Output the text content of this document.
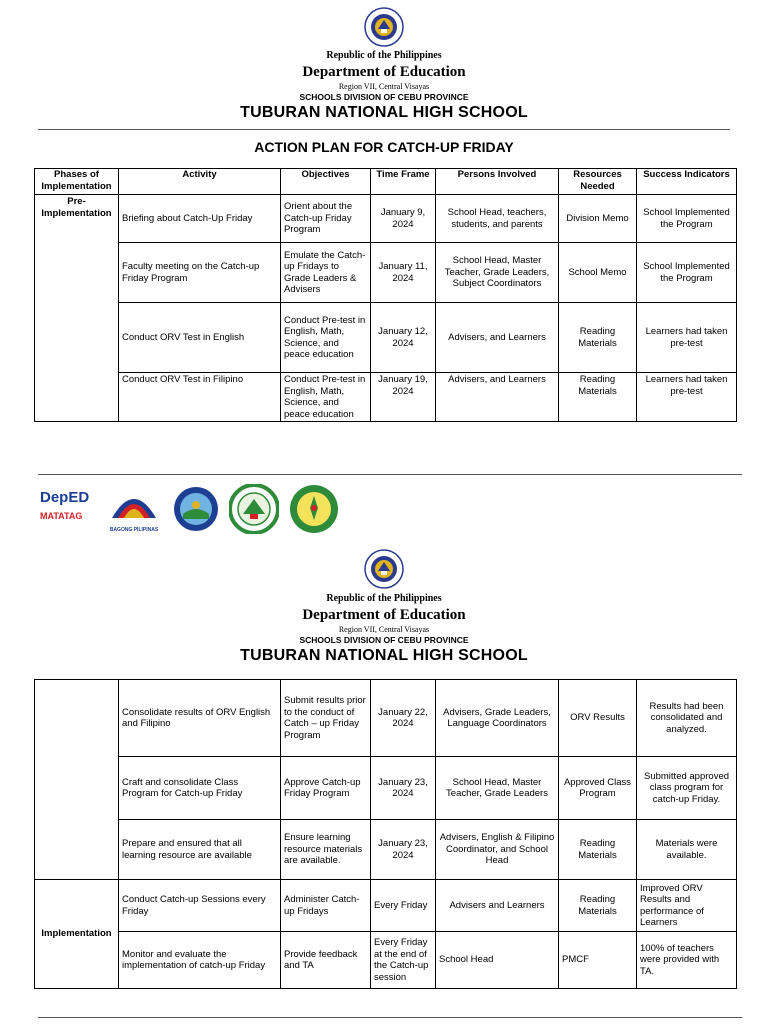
Republic of the Philippines
Department of Education
Region VII, Central Visayas
SCHOOLS DIVISION OF CEBU PROVINCE
TUBURAN NATIONAL HIGH SCHOOL
ACTION PLAN FOR CATCH-UP FRIDAY
Phases of Implementation	Activity	Objectives	Time Frame	Persons Involved	Resources Needed	Success Indicators
Pre-Implementation	Briefing about Catch-Up Friday	Orient about the Catch-up Friday Program	January 9, 2024	School Head, teachers, students, and parents	Division Memo	School Implemented the Program
	Faculty meeting on the Catch-up Friday Program	Emulate the Catch-up Fridays to Grade Leaders & Advisers	January 11, 2024	School Head, Master Teacher, Grade Leaders, Subject Coordinators	School Memo	School Implemented the Program
	Conduct ORV Test in English	Conduct Pre-test in English, Math, Science, and peace education	January 12, 2024	Advisers, and Learners	Reading Materials	Learners had taken pre-test
	Conduct ORV Test in Filipino	Conduct Pre-test in English, Math, Science, and peace education	January 19, 2024	Advisers, and Learners	Reading Materials	Learners had taken pre-test
DepED
MATATAG
BAGONG PILIPINAS
Republic of the Philippines
Department of Education
Region VII, Central Visayas
SCHOOLS DIVISION OF CEBU PROVINCE
TUBURAN NATIONAL HIGH SCHOOL
	Consolidate results of ORV English and Filipino	Submit results prior to the conduct of Catch – up Friday Program	January 22, 2024	Advisers, Grade Leaders, Language Coordinators	ORV Results	Results had been consolidated and analyzed.
	Craft and consolidate Class Program for Catch-up Friday	Approve Catch-up Friday Program	January 23, 2024	School Head, Master Teacher, Grade Leaders	Approved Class Program	Submitted approved class program for catch-up Friday.
	Prepare and ensured that all learning resource are available	Ensure learning resource materials are available.	January 23, 2024	Advisers, English & Filipino Coordinator, and School Head	Reading Materials	Materials were available.
Implementation	Conduct Catch-up Sessions every Friday	Administer Catch-up Fridays	Every Friday	Advisers and Learners	Reading Materials	Improved ORV Results and performance of Learners
	Monitor and evaluate the implementation of catch-up Friday	Provide feedback and TA	Every Friday at the end of the Catch-up session	School Head	PMCF	100% of teachers were provided with TA.
